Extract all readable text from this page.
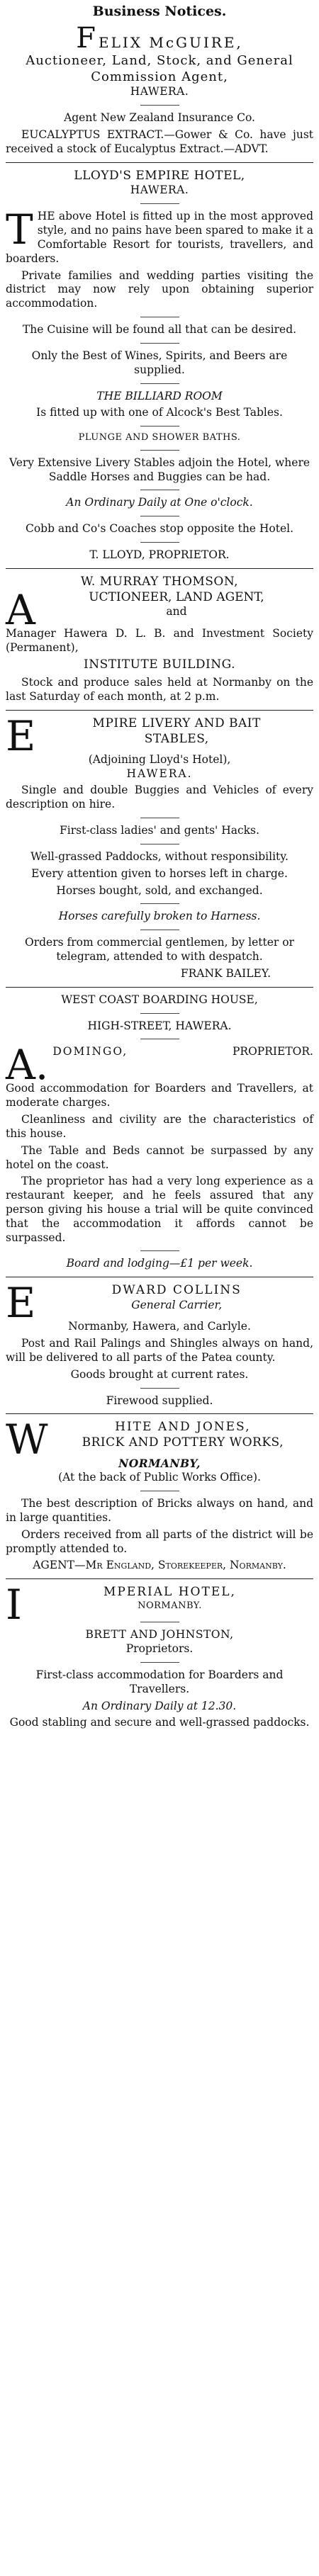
Business Notices.
FELIX McGUIRE,
Auctioneer, Land, Stock, and General
Commission Agent,
HAWERA.
Agent New Zealand Insurance Co.

EUCALYPTUS EXTRACT.—Gower & Co. have just received a stock of Eucalyptus Extract.—ADVT.

LLOYD'S EMPIRE HOTEL,
HAWERA.

THE above Hotel is fitted up in the most approved style, and no pains have been spared to make it a Comfortable Resort for tourists, travellers, and boarders.

Private families and wedding parties visiting the district may now rely upon obtaining superior accommodation.

The Cuisine will be found all that can be desired.

Only the Best of Wines, Spirits, and Beers are supplied.

THE BILLIARD ROOM

Is fitted up with one of Alcock's Best Tables.

PLUNGE AND SHOWER BATHS.

Very Extensive Livery Stables adjoin the Hotel, where Saddle Horses and Buggies can be had.

An Ordinary Daily at One o'clock.

Cobb and Co's Coaches stop opposite the Hotel.

T. LLOYD, PROPRIETOR.

W. MURRAY THOMSON,
A	UCTIONEER, LAND AGENT,
and

Manager Hawera D. L. B. and Investment Society (Permanent),

INSTITUTE BUILDING.

Stock and produce sales held at Normanby on the last Saturday of each month, at 2 p.m.

E	MPIRE LIVERY AND BAIT
STABLES,
(Adjoining Lloyd's Hotel),
HAWERA.

Single and double Buggies and Vehicles of every description on hire.

First-class ladies' and gents' Hacks.

Well-grassed Paddocks, without responsibility.

Every attention given to horses left in charge.

Horses bought, sold, and exchanged.

Horses carefully broken to Harness.

Orders from commercial gentlemen, by letter or telegram, attended to with despatch.

FRANK BAILEY.
WEST COAST BOARDING HOUSE,
HIGH-STREET, HAWERA.
A. DOMINGO,	PROPRIETOR.

Good accommodation for Boarders and Travellers, at moderate charges.

Cleanliness and civility are the characteristics of this house.

The Table and Beds cannot be surpassed by any hotel on the coast.

The proprietor has had a very long experience as a restaurant keeper, and he feels assured that any person giving his house a trial will be quite convinced that the accommodation it affords cannot be surpassed.

Board and lodging—£1 per week.

E	DWARD COLLINS
General Carrier,
Normanby, Hawera, and Carlyle.

Post and Rail Palings and Shingles always on hand, will be delivered to all parts of the Patea county.

Goods brought at current rates.

Firewood supplied.

W	HITE AND JONES,
BRICK AND POTTERY WORKS,
NORMANBY,
(At the back of Public Works Office).

The best description of Bricks always on hand, and in large quantities.

Orders received from all parts of the district will be promptly attended to.

AGENT—Mr England, Storekeeper, Normanby.

I	MPERIAL HOTEL,
NORMANBY.
BRETT AND JOHNSTON,
Proprietors.

First-class accommodation for Boarders and Travellers.

An Ordinary Daily at 12.30.

Good stabling and secure and well-grassed paddocks.
